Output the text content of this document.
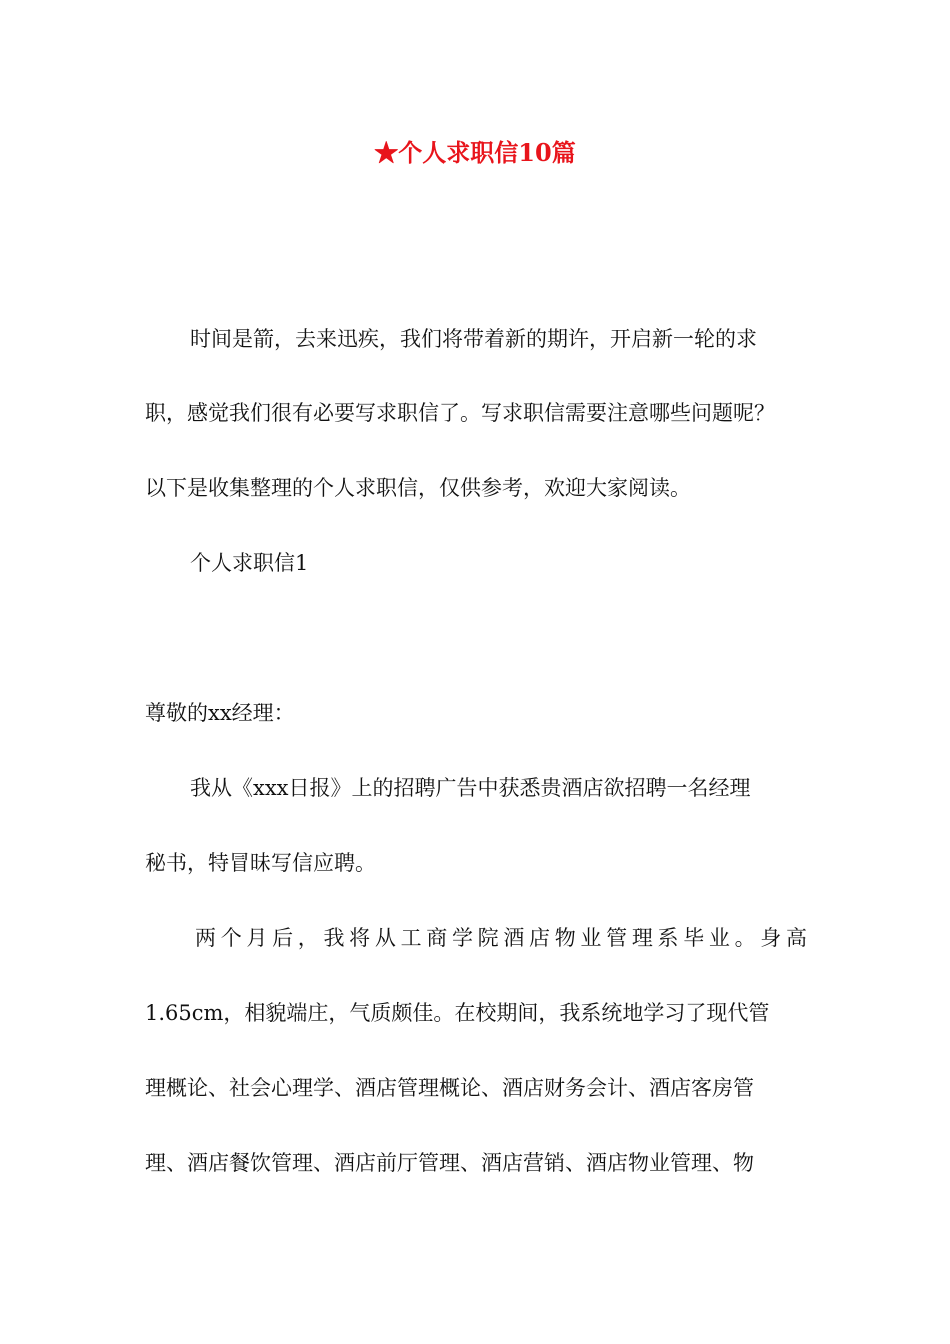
★个人求职信10篇
时间是箭，去来迅疾，我们将带着新的期许，开启新一轮的求
职，感觉我们很有必要写求职信了。写求职信需要注意哪些问题呢？
以下是收集整理的个人求职信，仅供参考，欢迎大家阅读。
个人求职信1
尊敬的xx经理：
我从《xxx日报》上的招聘广告中获悉贵酒店欲招聘一名经理
秘书，特冒昧写信应聘。
两个月后，我将从工商学院酒店物业管理系毕业。身高
1.65cm，相貌端庄，气质颇佳。在校期间，我系统地学习了现代管
理概论、社会心理学、酒店管理概论、酒店财务会计、酒店客房管
理、酒店餐饮管理、酒店前厅管理、酒店营销、酒店物业管理、物
